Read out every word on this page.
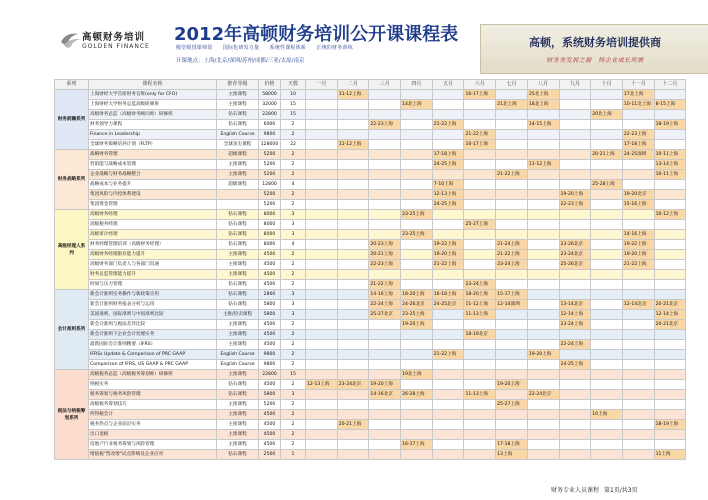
高顿财务培训
GOLDEN FINANCE
2012年高顿财务培训公开课课程表
殿堂级授课师资　　国际化研发力量　　系统性课程体系　　正统的财务训练
开课地点：上海/北京/深圳/苏州/成都/三亚/太原/南京
高顿，系统财务培训提供商
财务务发展之源　铸企业成长所需
系列	课程名称	推荐等级	价格	天数	一月	二月	三月	四月	五月	六月	七月	八月	九月	十月	十一月	十二月
财务前瞻系列	上海财经大学首席财务官班(only for CFO)	主推课程	58000	10		11-12上海				16-17上海		25北上海			17北上海	
	上海财经大学财务总监高级研修班	主推课程	32000	15				14北上海			21北上海	18北上海			10-11北上海	8-15上海
	高级财务总监（高级财务顾问师）研修班	钻石课程	22800	15										20北上海		
	财务领导力课程	钻石课程	6000	2			22-23上海		21-22上海			14-15上海				18-19上海
	Finance in Leadership	English Course	9800	2						21-22上海					22-23上海	
	全球财务策略培养计划（FLTP）	全球顶尖课程	128000	22		11-12上海				16-17上海					17-18上海	
财务战略系列	战略财务管理	超级课程	5200	2					17-18上海					20-21上海	24-25深圳	10-11上海
	营销能与战略成本管理	主推课程	5200	2					24-25上海			11-12上海				13-14上海
	企业战略与财务战略整合	主推课程	5200	2							21-22上海					10-11上海
	战略成本与业务提升	超级课程	12800	4					7-10上海					25-28上海		
	集团风险与内控体系建设		5200	2					12-13上海				19-20上海		19-20北京	
	集团资金管理		5200	2					24-25上海				22-23上海		15-16上海	
高级经理人系列	高级财务经理	钻石课程	8000	3				23-25上海								10-12上海
	高级税务经理	钻石课程	8000	3						25-27上海						
	高级审计经理	钻石课程	8000	3				23-25上海							14-16上海	
	财务经理管理培训（高级财务经理）	钻石课程	8000	4			20-23上海		19-22上海		21-24上海		23-26北京		19-22上海	
	高级财务经理职业能力提升	主推课程	4500	2			20-21上海		19-20上海		21-22上海		23-24北京		19-20上海	
	高级财务部门负责人与各部门沟通	主推课程	4500	2			22-23上海		21-22上海		23-24上海		25-26北京		21-22上海	
	财务总监管理能力提升	主推课程	4500	2												
	时间与压力管理	钻石课程	4500	2			21-22上海			23-24上海						
会计准则系列	新会计准则实务操作与新政策应用	钻石课程	2800	3			14-16上海	18-20上海	16-18上海	18-20上海	15-17上海					
	新会计准则财务报表分析与运用	钻石课程	5800	3			22-24上海	24-26北京	24-25北京	11-12上海	12-14深圳		13-14北京		12-14北京	20-21北京
	美国准则、国际准则与中国准则比较	主推/热卖课程	5800	3			25-27北京	23-25上海		11-13上海			12-14上海			12-14上海
	新会计准则与税法差异比较	主推课程	4500	2				19-20上海					23-24上海			20-21北京
	新会计准则下企业会计处理实务	主推课程	4500	2						18-19北京						
	最新国际会计准则精要（IFRS）	主推课程	4500	2									22-24上海			
	IFRSs Update & Comparison of PRC GAAP	English Course	9800	2					21-22上海			19-20上海				
	Comparison of IFRS, US GAAP & PRC GAAP	English Course	9800	2									24-25上海			
税法与纳税筹划系列	高级税务总监（高级税务筹划师）研修班	主推课程	22800	15				19北上海								
	纳税实务	钻石课程	4500	2	12-13上海	23-24北京	19-20上海				19-20上海					
	税务筹划与税务风险管理	钻石课程	5800	3			14-16北京	26-28上海		11-13上海		22-24北京				
	高级税务筹划技巧	主推课程	5200	2							25-27上海					
	所得税会计	主推课程	4500	2										10上海		
	税务热点与企业前沿实务	主推课程	4500	2		20-21上海										18-19上海
	出口退税	主推课程	4500	2												
	房地产行业税务筹划与风险管理	主推课程	4500	2				16-17上海			17-18上海					
	增值税"营改增"试点影响及企业应对	钻石课程	2500	1							13上海					11上海
财务专业人员课程 第1页/共3页
